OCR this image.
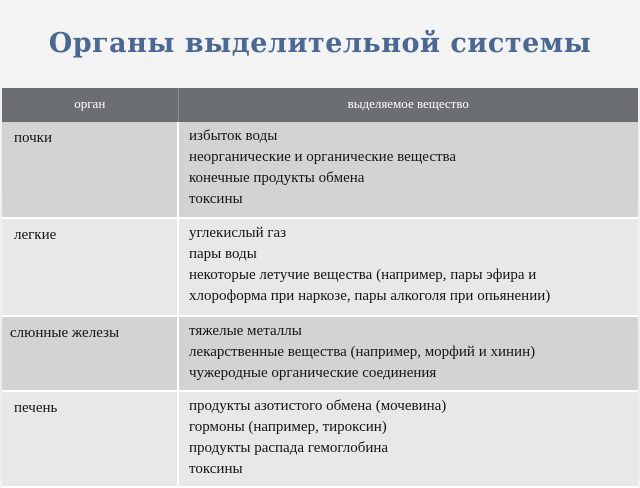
Органы выделительной системы
орган	выделяемое вещество

почки	избыток воды
неорганические и органические вещества
конечные продукты обмена
токсины

легкие	углекислый газ
пары воды
некоторые летучие вещества (например, пары эфира и
хлороформа при наркозе, пары алкоголя при опьянении)

слюнные железы	тяжелые металлы
лекарственные вещества (например, морфий и хинин)
чужеродные органические соединения

печень	продукты азотистого обмена (мочевина)
гормоны (например, тироксин)
продукты распада гемоглобина
токсины
